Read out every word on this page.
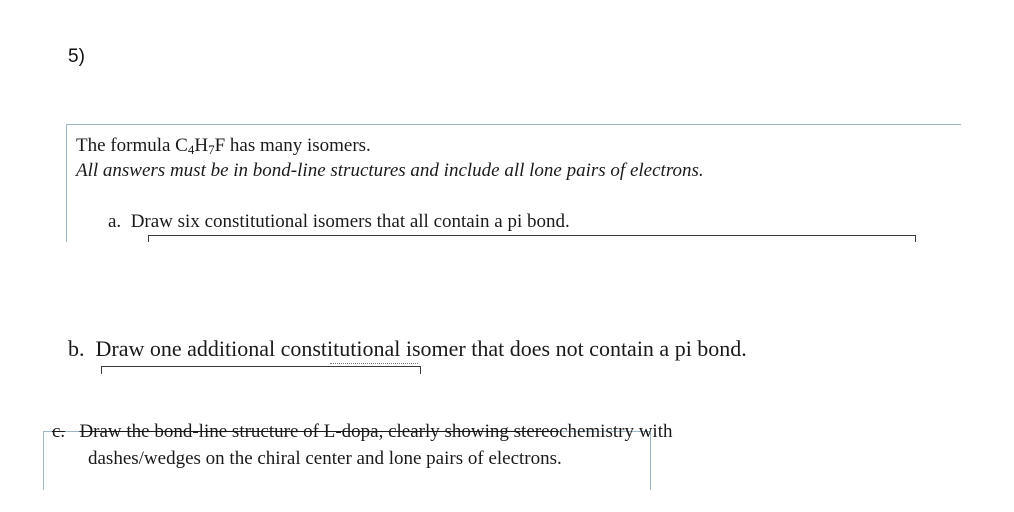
5)
The formula $C_4H_7F$ has many isomers.
All answers must be in bond-line structures and include all lone pairs of electrons.
a. Draw six constitutional isomers that all contain a pi bond.
b. Draw one additional constitutional isomer that does not contain a pi bond.
c. Draw the bond-line structure of L-dopa, clearly showing stereochemistry with
dashes/wedges on the chiral center and lone pairs of electrons.
